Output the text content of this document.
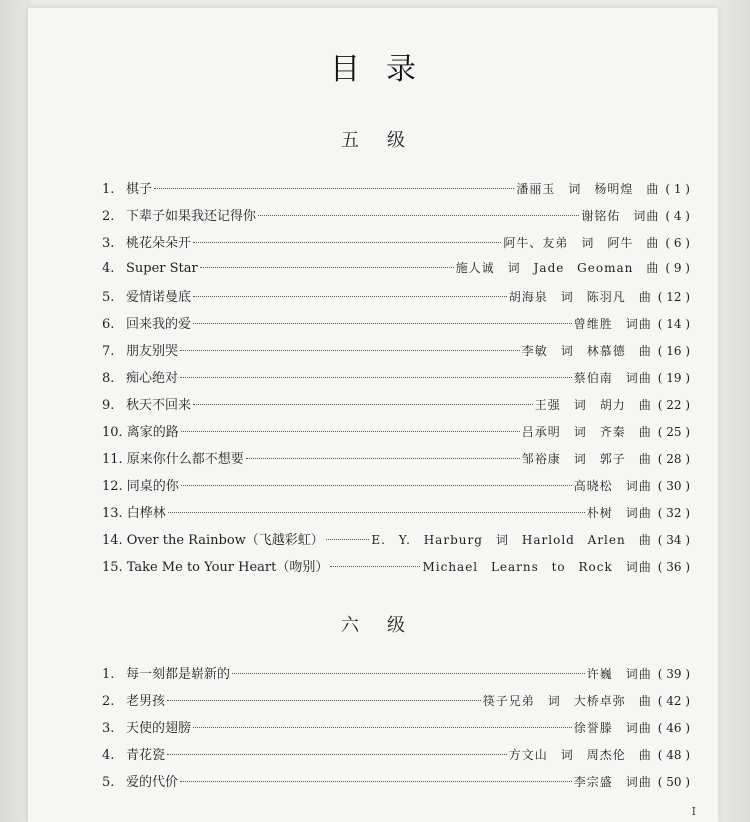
目录
五级
1. 棋子	潘丽玉　词　杨明煌　曲 ( 1 )
2. 下辈子如果我还记得你	谢铭佑　词曲 ( 4 )
3. 桃花朵朵开	阿牛、友弟　词　阿牛　曲 ( 6 )
4. Super Star	施人诚　词　Jade Geoman　曲 ( 9 )
5. 爱情诺曼底	胡海泉　词　陈羽凡　曲 ( 12 )
6. 回来我的爱	曾维胜　词曲 ( 14 )
7. 朋友别哭	李敏　词　林慕德　曲 ( 16 )
8. 痴心绝对	蔡伯南　词曲 ( 19 )
9. 秋天不回来	王强　词　胡力　曲 ( 22 )
10. 离家的路	吕承明　词　齐秦　曲 ( 25 )
11. 原来你什么都不想要	邹裕康　词　郭子　曲 ( 28 )
12. 同桌的你	高晓松　词曲 ( 30 )
13. 白桦林	朴树　词曲 ( 32 )
14. Over the Rainbow（飞越彩虹）	E. Y. Harburg　词　Harlold Arlen　曲 ( 34 )
15. Take Me to Your Heart（吻别）	Michael Learns to Rock　词曲 ( 36 )
六级
1. 每一刻都是崭新的	许巍　词曲 ( 39 )
2. 老男孩	筷子兄弟　词　大桥卓弥　曲 ( 42 )
3. 天使的翅膀	徐誉滕　词曲 ( 46 )
4. 青花瓷	方文山　词　周杰伦　曲 ( 48 )
5. 爱的代价	李宗盛　词曲 ( 50 )
I
